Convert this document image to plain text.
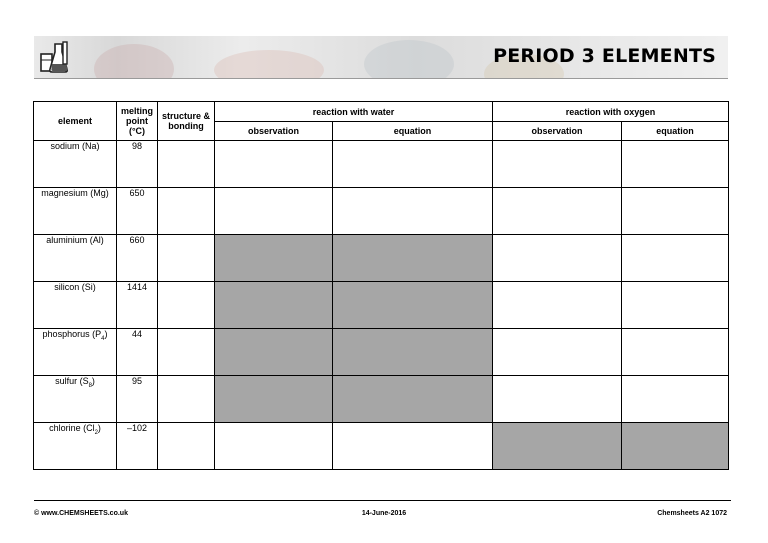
PERIOD 3 ELEMENTS
element	melting point (°C)	structure & bonding	reaction with water		reaction with oxygen	
			observation	equation	observation	equation
sodium (Na)	98					
magnesium (Mg)	650					
aluminium (Al)	660					
silicon (Si)	1414					
phosphorus $(P_4)$	44					
sulfur $(S_8)$	95					
chlorine $(Cl_2)$	–102					
© www.CHEMSHEETS.co.uk	14-June-2016	Chemsheets A2 1072
